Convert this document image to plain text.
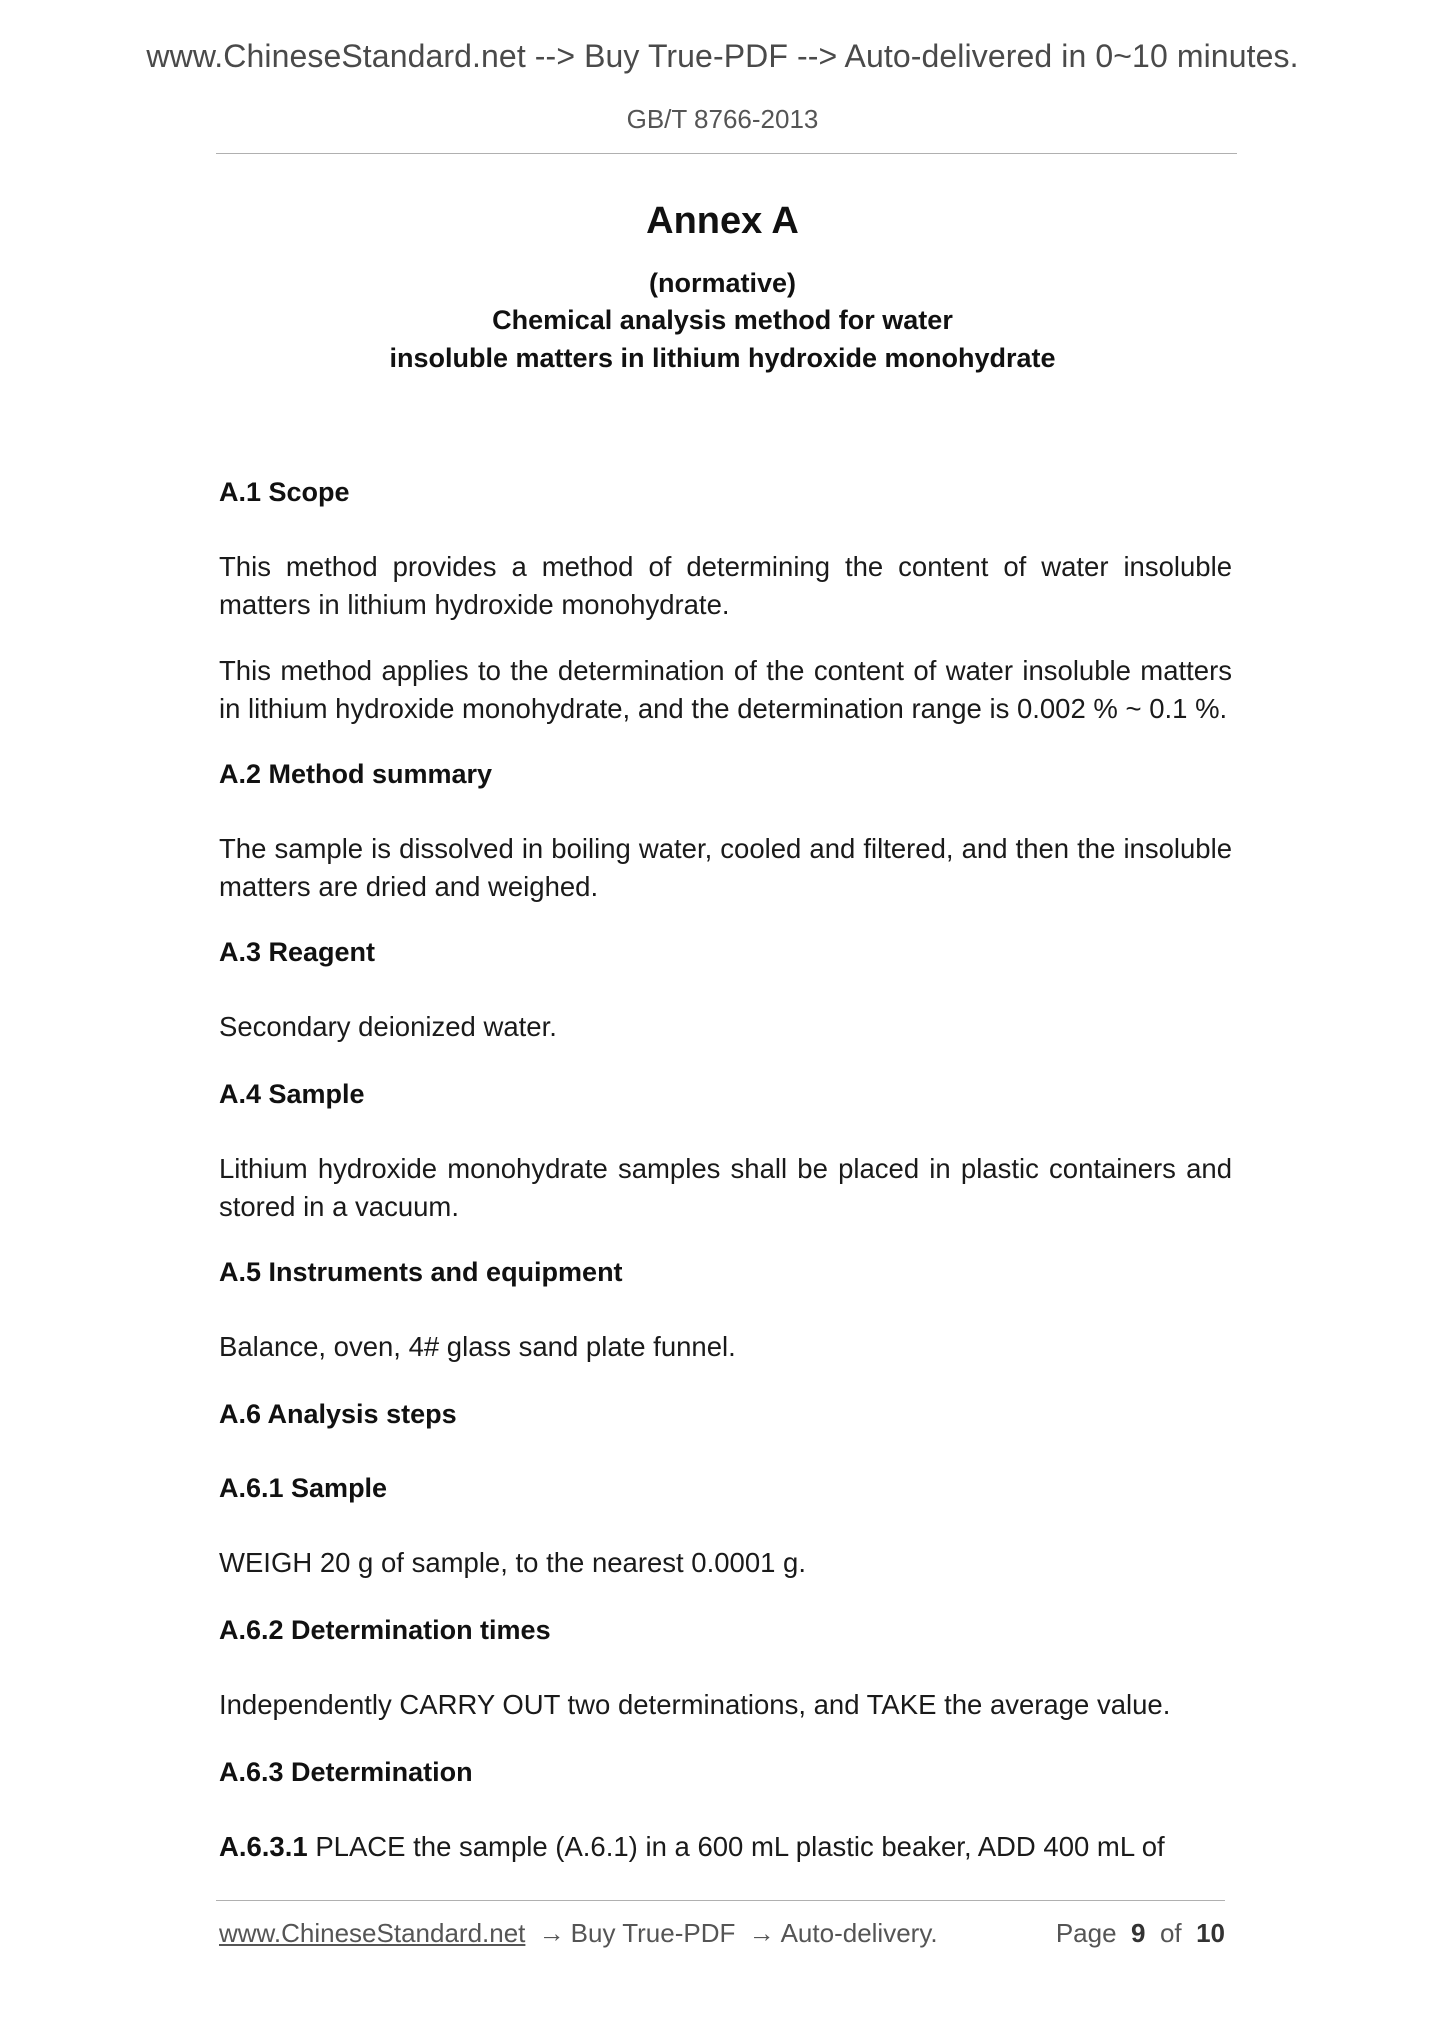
www.ChineseStandard.net --> Buy True-PDF --> Auto-delivered in 0~10 minutes.
GB/T 8766-2013
Annex A
(normative)
Chemical analysis method for water
insoluble matters in lithium hydroxide monohydrate
A.1 Scope

This method provides a method of determining the content of water insoluble matters in lithium hydroxide monohydrate.

This method applies to the determination of the content of water insoluble matters in lithium hydroxide monohydrate, and the determination range is 0.002 % ~ 0.1 %.

A.2 Method summary

The sample is dissolved in boiling water, cooled and filtered, and then the insoluble matters are dried and weighed.

A.3 Reagent

Secondary deionized water.

A.4 Sample

Lithium hydroxide monohydrate samples shall be placed in plastic containers and stored in a vacuum.

A.5 Instruments and equipment

Balance, oven, 4# glass sand plate funnel.

A.6 Analysis steps
A.6.1 Sample

WEIGH 20 g of sample, to the nearest 0.0001 g.

A.6.2 Determination times

Independently CARRY OUT two determinations, and TAKE the average value.

A.6.3 Determination

A.6.3.1 PLACE the sample (A.6.1) in a 600 mL plastic beaker, ADD 400 mL of

www.ChineseStandard.net → Buy True-PDF → Auto-delivery.	Page 9 of 10
